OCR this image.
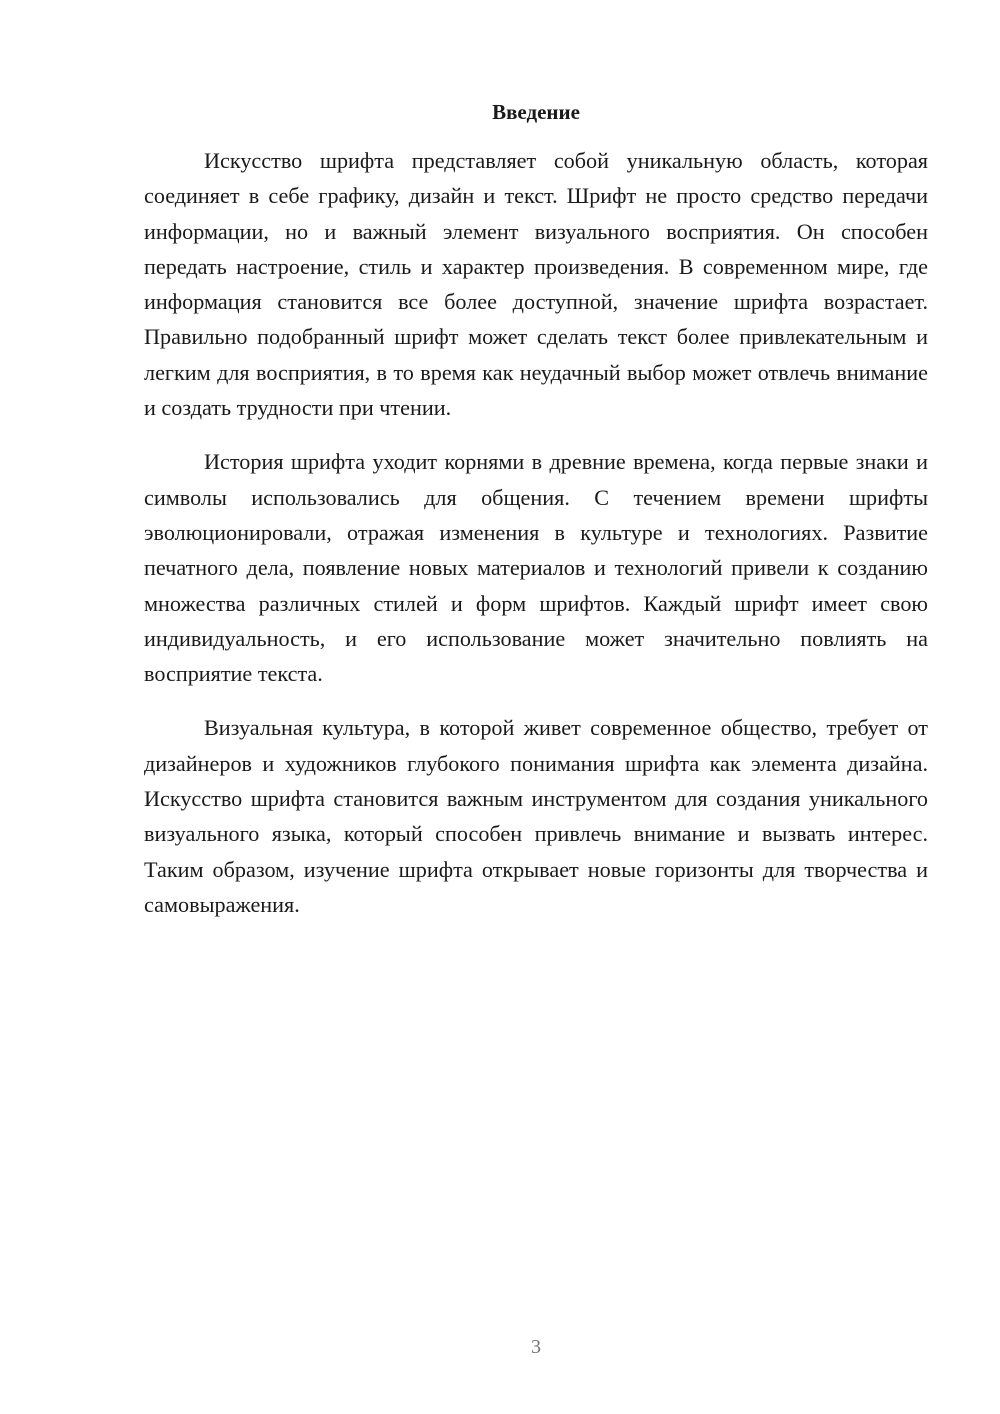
Введение

Искусство шрифта представляет собой уникальную область, которая соединяет в себе графику, дизайн и текст. Шрифт не просто средство передачи информации, но и важный элемент визуального восприятия. Он способен передать настроение, стиль и характер произведения. В современном мире, где информация становится все более доступной, значение шрифта возрастает. Правильно подобранный шрифт может сделать текст более привлекательным и легким для восприятия, в то время как неудачный выбор может отвлечь внимание и создать трудности при чтении.

История шрифта уходит корнями в древние времена, когда первые знаки и символы использовались для общения. С течением времени шрифты эволюционировали, отражая изменения в культуре и технологиях. Развитие печатного дела, появление новых материалов и технологий привели к созданию множества различных стилей и форм шрифтов. Каждый шрифт имеет свою индивидуальность, и его использование может значительно повлиять на восприятие текста.

Визуальная культура, в которой живет современное общество, требует от дизайнеров и художников глубокого понимания шрифта как элемента дизайна. Искусство шрифта становится важным инструментом для создания уникального визуального языка, который способен привлечь внимание и вызвать интерес. Таким образом, изучение шрифта открывает новые горизонты для творчества и самовыражения.

3
